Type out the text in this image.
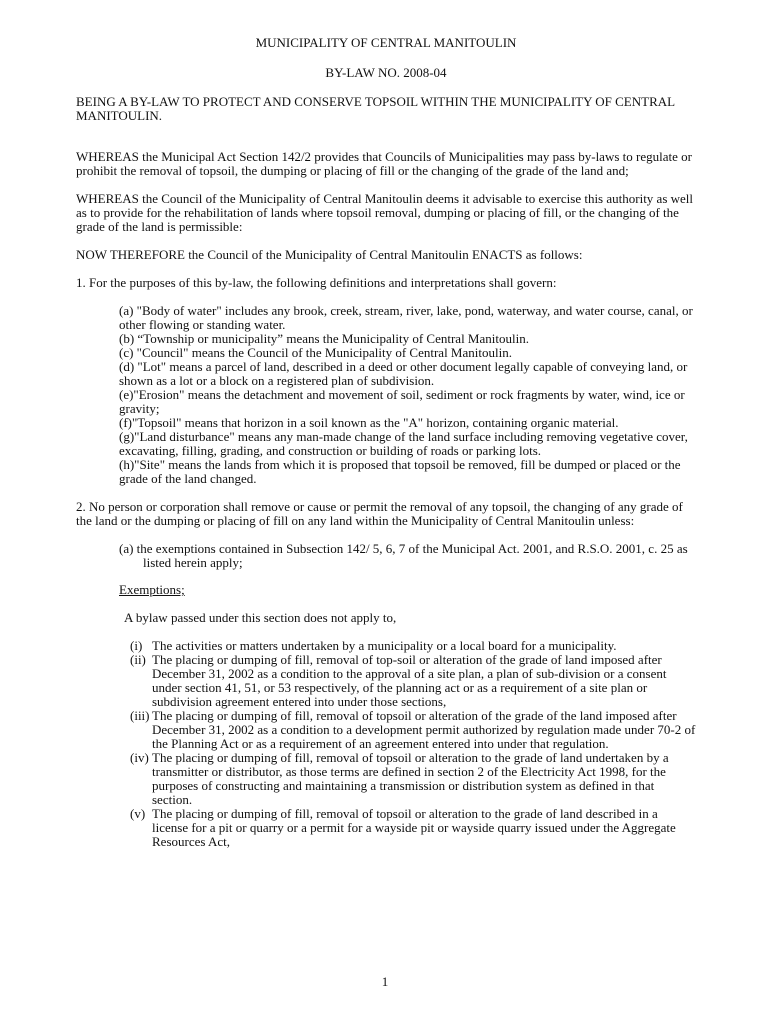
MUNICIPALITY OF CENTRAL MANITOULIN

BY-LAW NO. 2008-04

BEING A BY-LAW TO PROTECT AND CONSERVE TOPSOIL WITHIN THE MUNICIPALITY OF CENTRAL MANITOULIN.

WHEREAS the Municipal Act Section 142/2 provides that Councils of Municipalities may pass by-laws to regulate or prohibit the removal of topsoil, the dumping or placing of fill or the changing of the grade of the land and;

WHEREAS the Council of the Municipality of Central Manitoulin deems it advisable to exercise this authority as well as to provide for the rehabilitation of lands where topsoil removal, dumping or placing of fill, or the changing of the grade of the land is permissible:

NOW THEREFORE the Council of the Municipality of Central Manitoulin ENACTS as follows:

1. For the purposes of this by-law, the following definitions and interpretations shall govern:

(a) "Body of water" includes any brook, creek, stream, river, lake, pond, waterway, and water course, canal, or other flowing or standing water.

(b) “Township or municipality” means the Municipality of Central Manitoulin.

(c) "Council" means the Council of the Municipality of Central Manitoulin.

(d) "Lot" means a parcel of land, described in a deed or other document legally capable of conveying land, or shown as a lot or a block on a registered plan of subdivision.

(e)"Erosion" means the detachment and movement of soil, sediment or rock fragments by water, wind, ice or gravity;

(f)"Topsoil" means that horizon in a soil known as the "A" horizon, containing organic material.

(g)"Land disturbance" means any man-made change of the land surface including removing vegetative cover, excavating, filling, grading, and construction or building of roads or parking lots.

(h)"Site" means the lands from which it is proposed that topsoil be removed, fill be dumped or placed or the grade of the land changed.

2. No person or corporation shall remove or cause or permit the removal of any topsoil, the changing of any grade of the land or the dumping or placing of fill on any land within the Municipality of Central Manitoulin unless:

(a) the exemptions contained in Subsection 142/ 5, 6, 7 of the Municipal Act. 2001, and R.S.O. 2001, c. 25 as listed herein apply;

Exemptions;

A bylaw passed under this section does not apply to,

(i) The activities or matters undertaken by a municipality or a local board for a municipality.
(ii) The placing or dumping of fill, removal of top-soil or alteration of the grade of land imposed after December 31, 2002 as a condition to the approval of a site plan, a plan of sub-division or a consent under section 41, 51, or 53 respectively, of the planning act or as a requirement of a site plan or subdivision agreement entered into under those sections,
(iii) The placing or dumping of fill, removal of topsoil or alteration of the grade of the land imposed after December 31, 2002 as a condition to a development permit authorized by regulation made under 70-2 of the Planning Act or as a requirement of an agreement entered into under that regulation.
(iv) The placing or dumping of fill, removal of topsoil or alteration to the grade of land undertaken by a transmitter or distributor, as those terms are defined in section 2 of the Electricity Act 1998, for the purposes of constructing and maintaining a transmission or distribution system as defined in that section.
(v) The placing or dumping of fill, removal of topsoil or alteration to the grade of land described in a license for a pit or quarry or a permit for a wayside pit or wayside quarry issued under the Aggregate Resources Act,
1
